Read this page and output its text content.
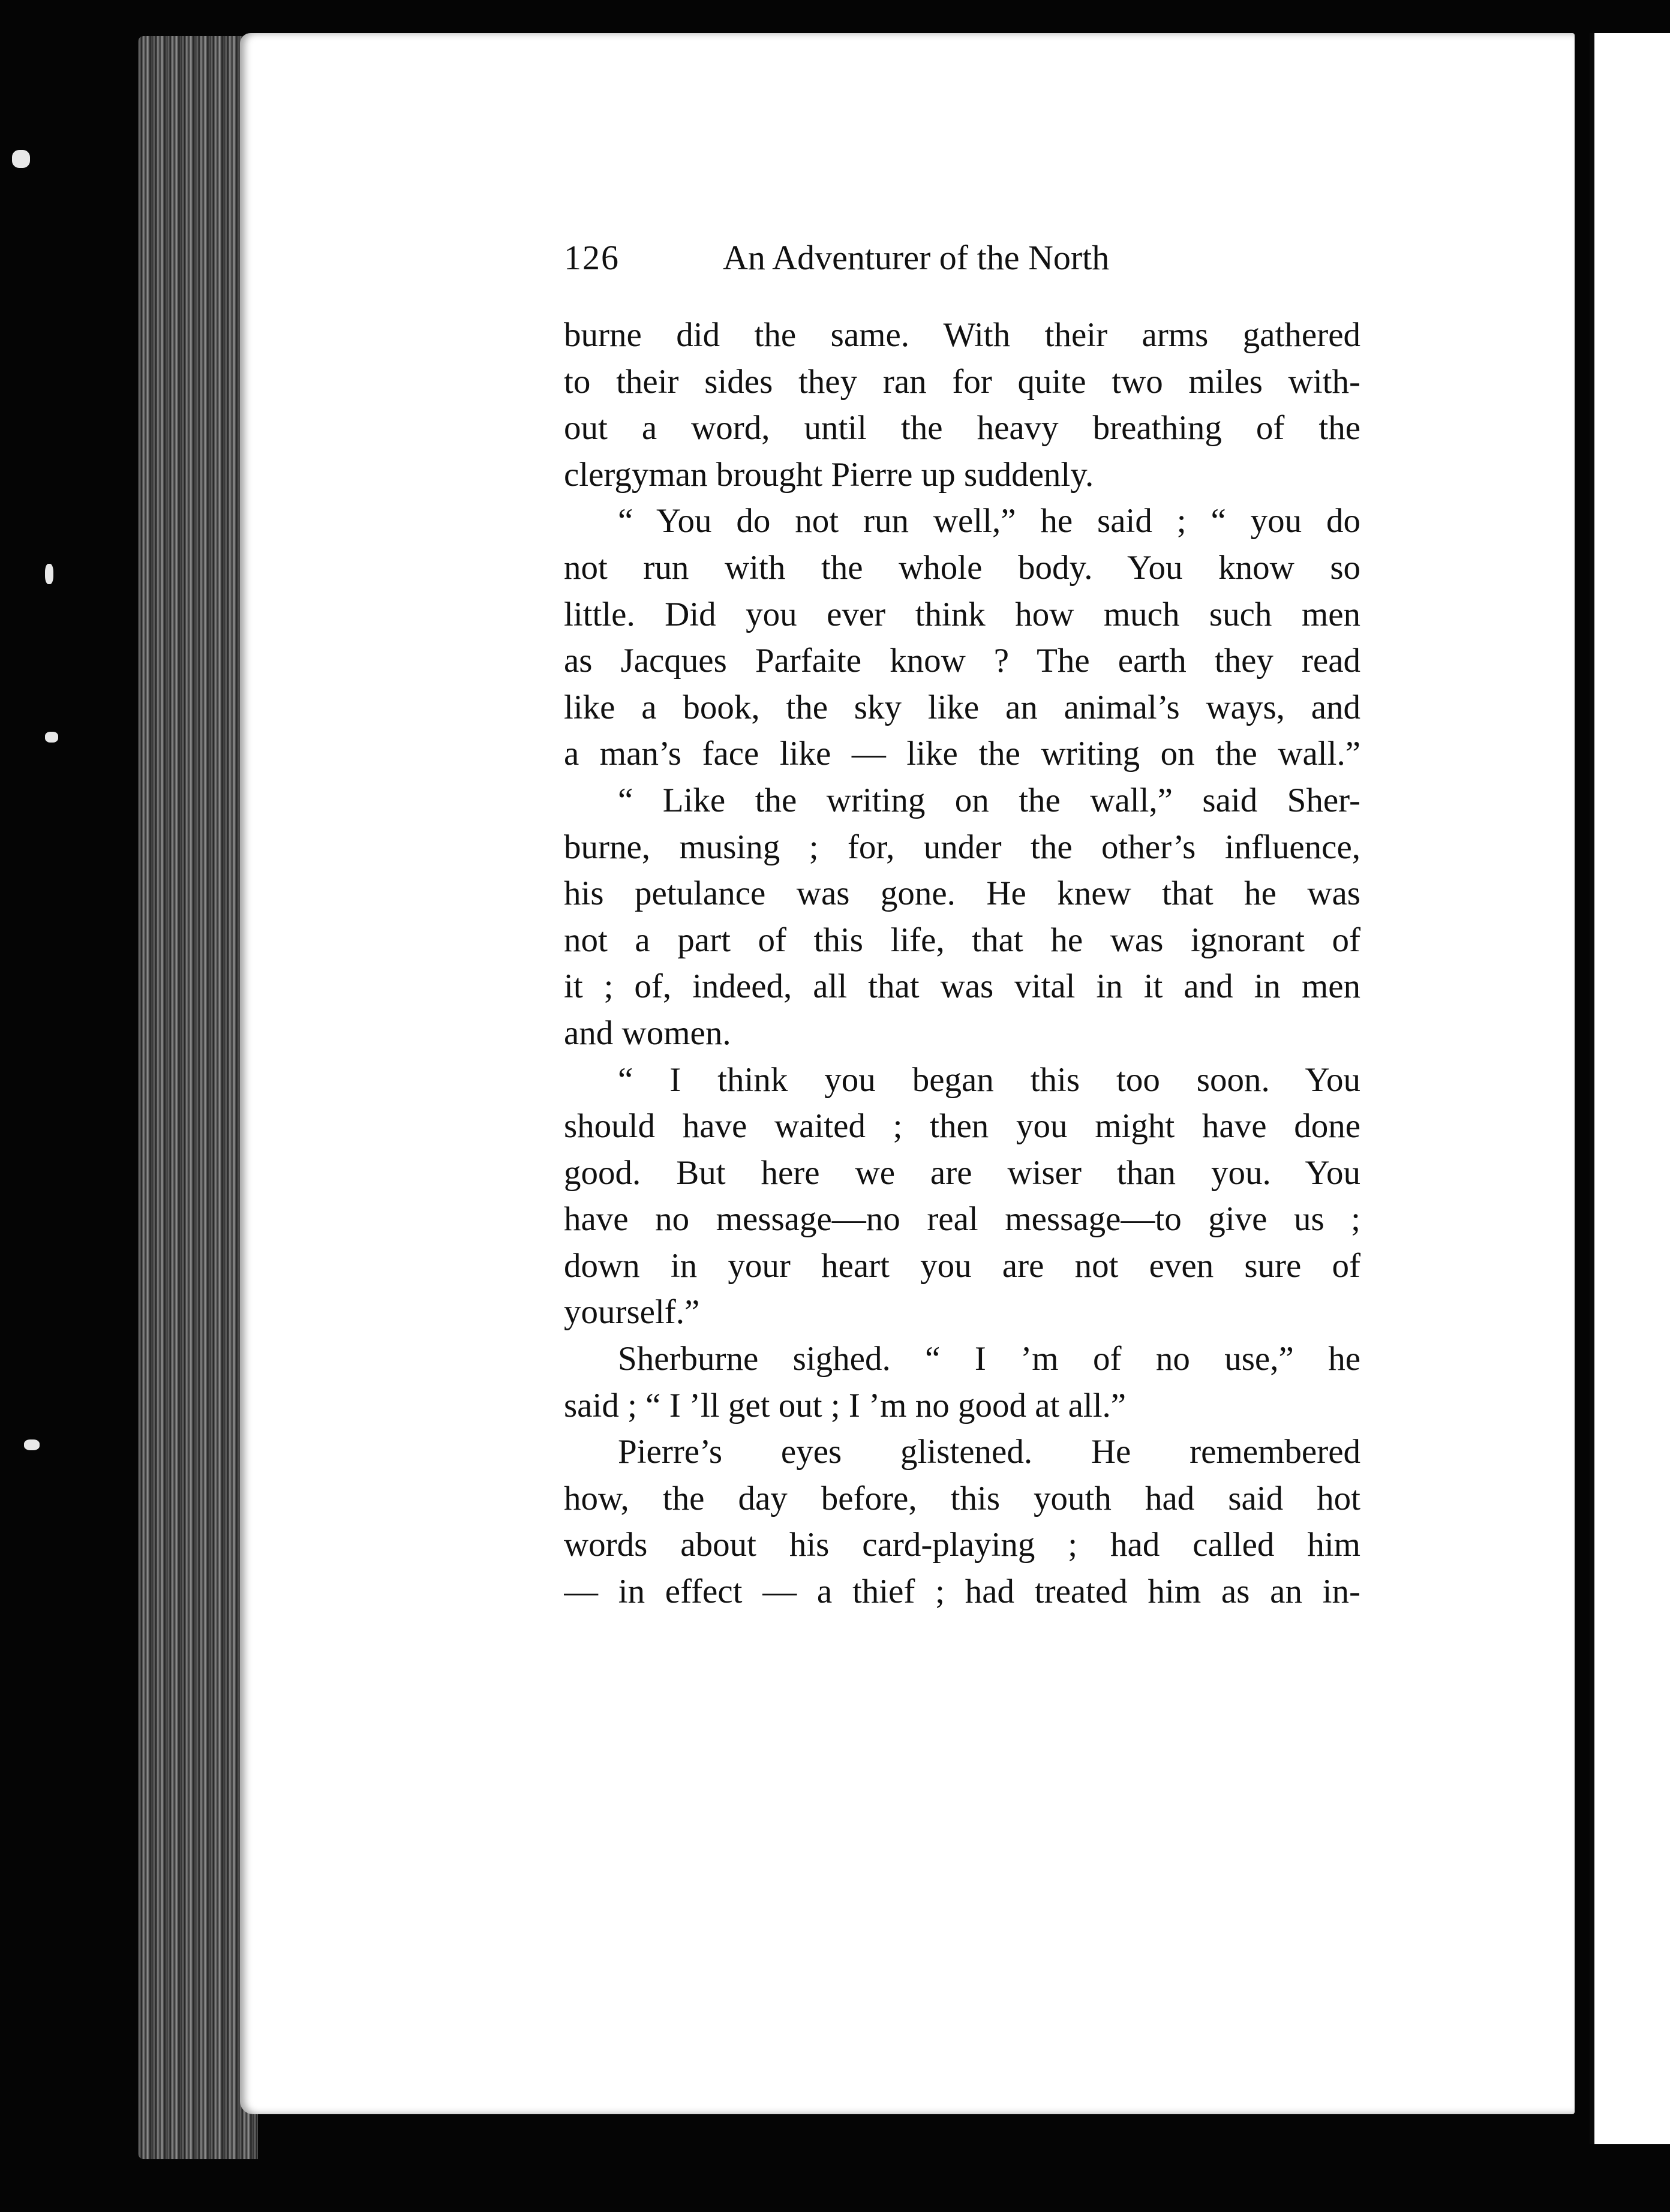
126	An Adventurer of the North
burne did the same. With their arms gathered
to their sides they ran for quite two miles with-
out a word, until the heavy breathing of the
clergyman brought Pierre up suddenly.
“ You do not run well,” he said ; “ you do
not run with the whole body. You know so
little. Did you ever think how much such men
as Jacques Parfaite know ? The earth they read
like a book, the sky like an animal’s ways, and
a man’s face like — like the writing on the wall.”
“ Like the writing on the wall,” said Sher-
burne, musing ; for, under the other’s influence,
his petulance was gone. He knew that he was
not a part of this life, that he was ignorant of
it ; of, indeed, all that was vital in it and in men
and women.
“ I think you began this too soon. You
should have waited ; then you might have done
good. But here we are wiser than you. You
have no message—no real message—to give us ;
down in your heart you are not even sure of
yourself.”
Sherburne sighed. “ I ’m of no use,” he
said ; “ I ’ll get out ; I ’m no good at all.”
Pierre’s eyes glistened. He remembered
how, the day before, this youth had said hot
words about his card-playing ; had called him
— in effect — a thief ; had treated him as an in-
